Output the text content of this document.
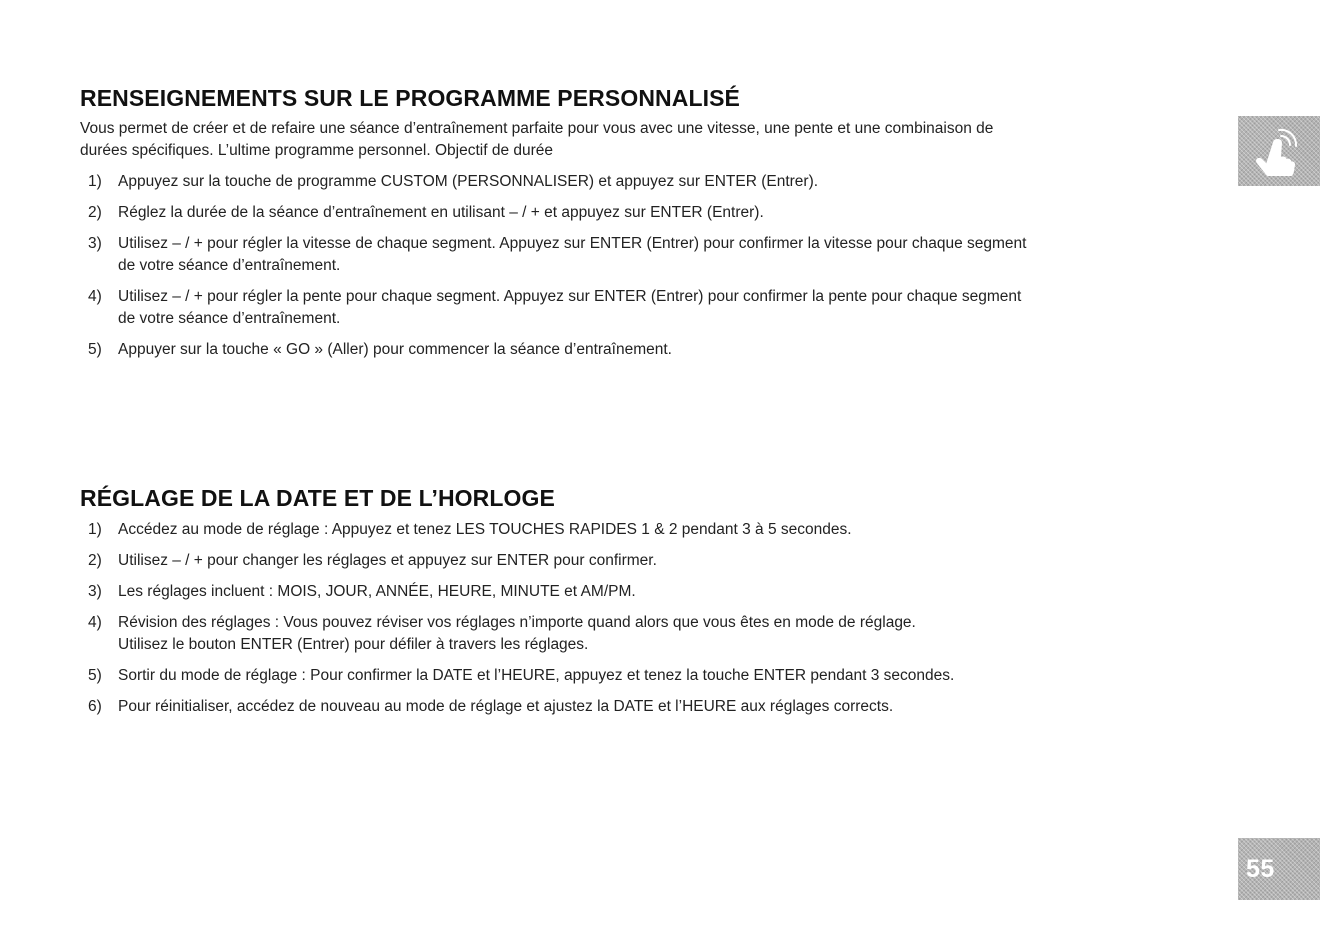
RENSEIGNEMENTS SUR LE PROGRAMME PERSONNALISÉ

Vous permet de créer et de refaire une séance d’entraînement parfaite pour vous avec une vitesse, une pente et une combinaison de
durées spécifiques. L’ultime programme personnel. Objectif de durée

1) Appuyez sur la touche de programme CUSTOM (PERSONNALISER) et appuyez sur ENTER (Entrer).
2) Réglez la durée de la séance d’entraînement en utilisant – / + et appuyez sur ENTER (Entrer).
3) Utilisez – / + pour régler la vitesse de chaque segment. Appuyez sur ENTER (Entrer) pour confirmer la vitesse pour chaque segment
de votre séance d’entraînement.
4) Utilisez – / + pour régler la pente pour chaque segment. Appuyez sur ENTER (Entrer) pour confirmer la pente pour chaque segment
de votre séance d’entraînement.
5) Appuyer sur la touche « GO » (Aller) pour commencer la séance d’entraînement.
RÉGLAGE DE LA DATE ET DE L’HORLOGE
1) Accédez au mode de réglage : Appuyez et tenez LES TOUCHES RAPIDES 1 & 2 pendant 3 à 5 secondes.
2) Utilisez – / + pour changer les réglages et appuyez sur ENTER pour confirmer.
3) Les réglages incluent : MOIS, JOUR, ANNÉE, HEURE, MINUTE et AM/PM.
4) Révision des réglages : Vous pouvez réviser vos réglages n’importe quand alors que vous êtes en mode de réglage.
Utilisez le bouton ENTER (Entrer) pour défiler à travers les réglages.
5) Sortir du mode de réglage : Pour confirmer la DATE et l’HEURE, appuyez et tenez la touche ENTER pendant 3 secondes.
6) Pour réinitialiser, accédez de nouveau au mode de réglage et ajustez la DATE et l’HEURE aux réglages corrects.
55
